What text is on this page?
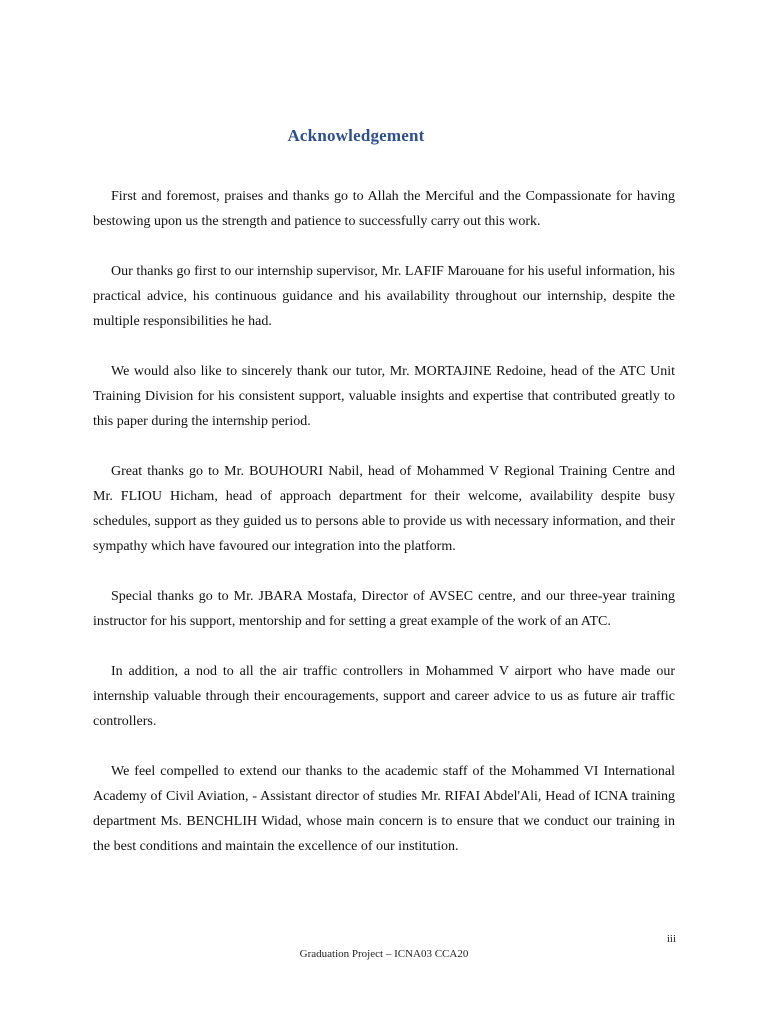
Acknowledgement

First and foremost, praises and thanks go to Allah the Merciful and the Compassionate for having bestowing upon us the strength and patience to successfully carry out this work.

Our thanks go first to our internship supervisor, Mr. LAFIF Marouane for his useful information, his practical advice, his continuous guidance and his availability throughout our internship, despite the multiple responsibilities he had.

We would also like to sincerely thank our tutor, Mr. MORTAJINE Redoine, head of the ATC Unit Training Division for his consistent support, valuable insights and expertise that contributed greatly to this paper during the internship period.

Great thanks go to Mr. BOUHOURI Nabil, head of Mohammed V Regional Training Centre and Mr. FLIOU Hicham, head of approach department for their welcome, availability despite busy schedules, support as they guided us to persons able to provide us with necessary information, and their sympathy which have favoured our integration into the platform.

Special thanks go to Mr. JBARA Mostafa, Director of AVSEC centre, and our three-year training instructor for his support, mentorship and for setting a great example of the work of an ATC.

In addition, a nod to all the air traffic controllers in Mohammed V airport who have made our internship valuable through their encouragements, support and career advice to us as future air traffic controllers.

We feel compelled to extend our thanks to the academic staff of the Mohammed VI International Academy of Civil Aviation, - Assistant director of studies Mr. RIFAI Abdel'Ali, Head of ICNA training department Ms. BENCHLIH Widad, whose main concern is to ensure that we conduct our training in the best conditions and maintain the excellence of our institution.

iii
Graduation Project – ICNA03 CCA20
